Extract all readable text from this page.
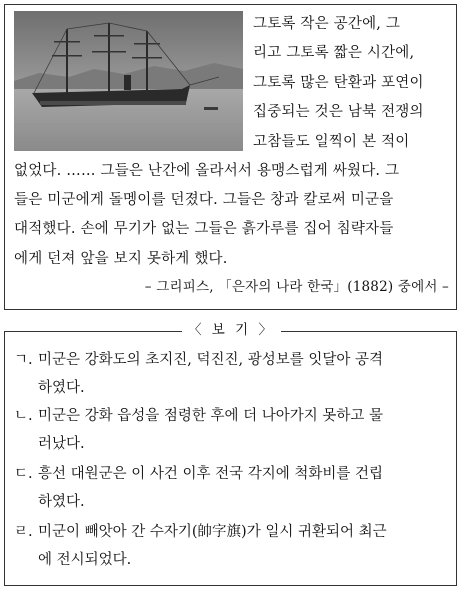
그토록 작은 공간에, 그
리고 그토록 짧은 시간에,
그토록 많은 탄환과 포연이
집중되는 것은 남북 전쟁의
고참들도 일찍이 본 적이
없었다. …… 그들은 난간에 올라서서 용맹스럽게 싸웠다. 그
들은 미군에게 돌멩이를 던졌다. 그들은 창과 칼로써 미군을
대적했다. 손에 무기가 없는 그들은 흙가루를 집어 침략자들
에게 던져 앞을 보지 못하게 했다.
– 그리피스, 「은자의 나라 한국」(1882) 중에서 –
〈 보 기 〉
ㄱ. 미군은 강화도의 초지진, 덕진진, 광성보를 잇달아 공격
하였다.
ㄴ. 미군은 강화 읍성을 점령한 후에 더 나아가지 못하고 물
러났다.
ㄷ. 흥선 대원군은 이 사건 이후 전국 각지에 척화비를 건립
하였다.
ㄹ. 미군이 빼앗아 간 수자기(帥字旗)가 일시 귀환되어 최근
에 전시되었다.
